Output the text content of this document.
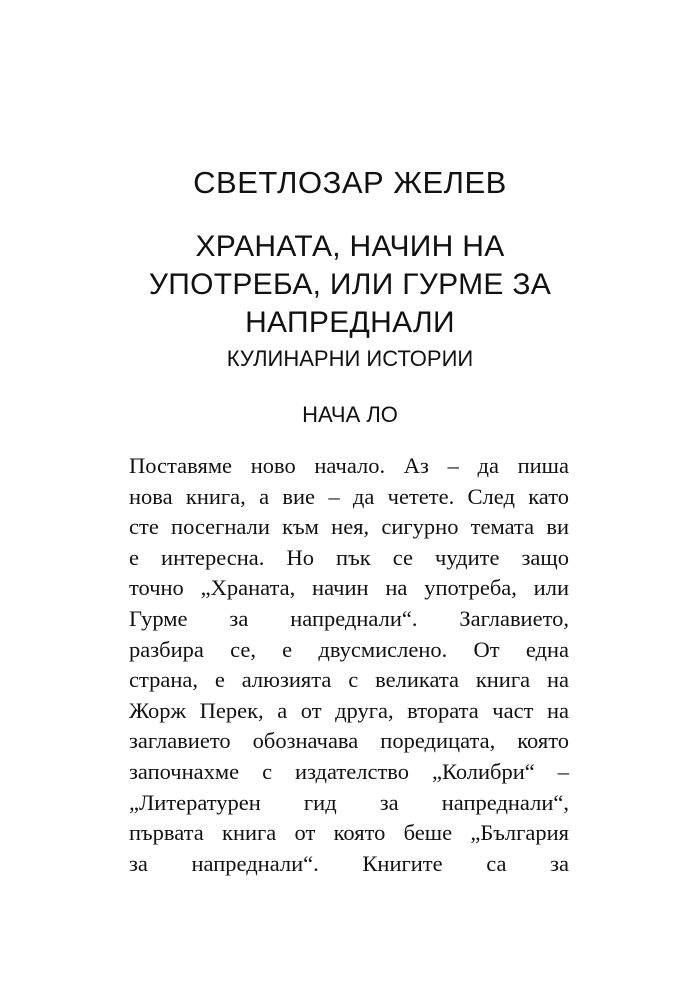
СВЕТЛОЗАР ЖЕЛЕВ
ХРАНАТА, НАЧИН НА
УПОТРЕБА, ИЛИ ГУРМЕ ЗА
НАПРЕДНАЛИ
КУЛИНАРНИ ИСТОРИИ
НАЧА ЛО
Поставяме ново начало. Аз – да пиша
нова книга, а вие – да четете. След като
сте посегнали към нея, сигурно темата ви
е интересна. Но пък се чудите защо
точно „Храната, начин на употреба, или
Гурме за напреднали“. Заглавието,
разбира се, е двусмислено. От една
страна, е алюзията с великата книга на
Жорж Перек, а от друга, втората част на
заглавието обозначава поредицата, която
започнахме с издателство „Колибри“ –
„Литературен гид за напреднали“,
първата книга от която беше „България
за напреднали“. Книгите са за
